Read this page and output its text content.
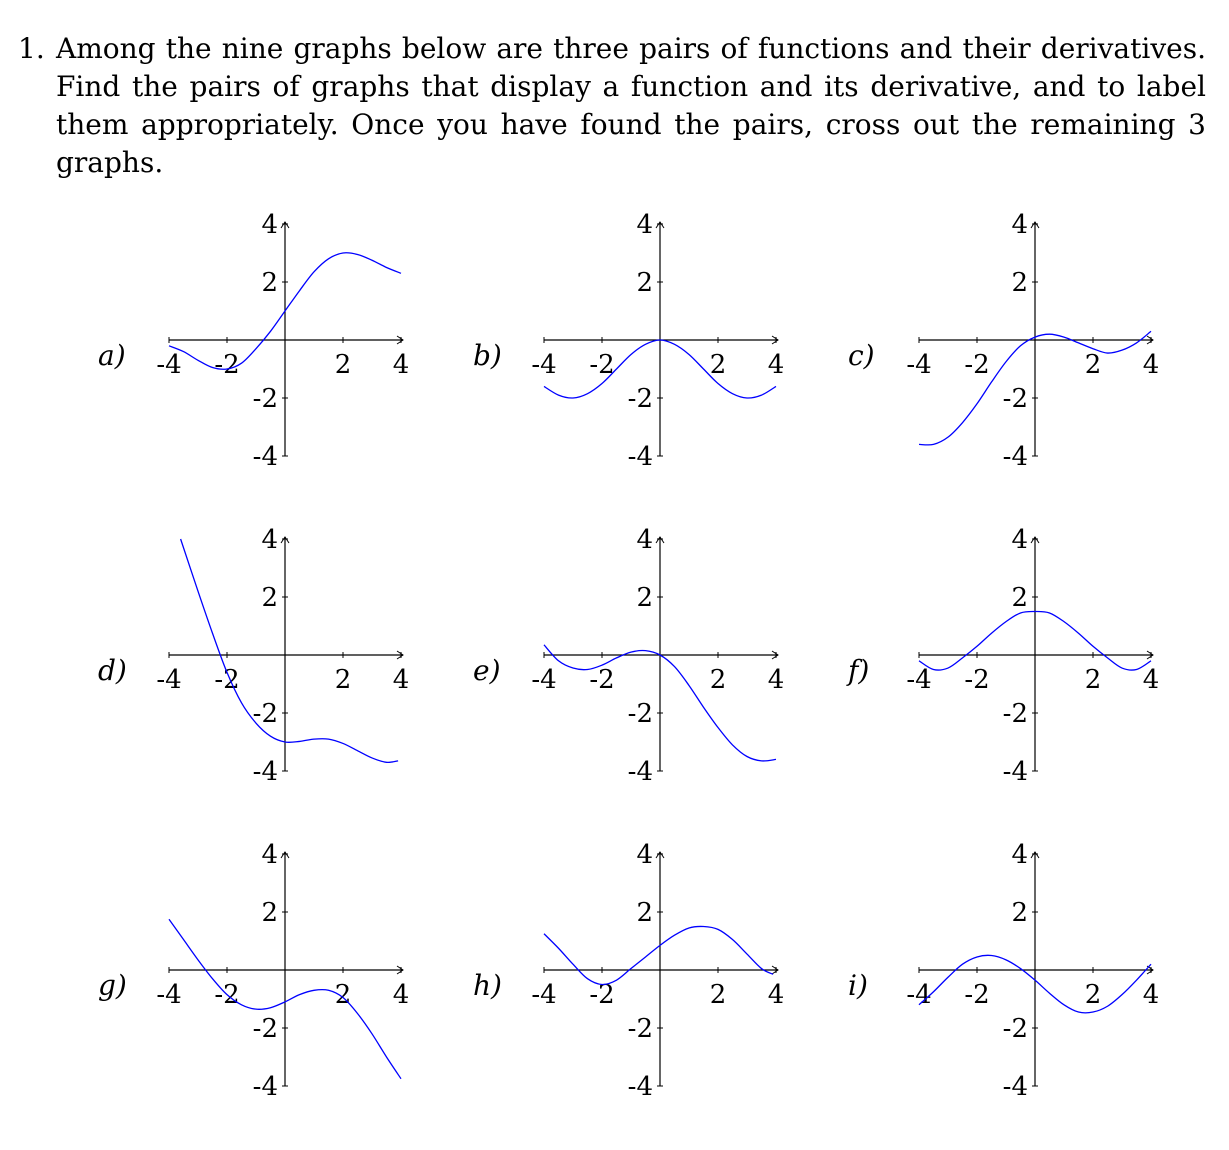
1. Among the nine graphs below are three pairs of functions and their derivatives. Find the pairs of graphs that display a function and its derivative, and to label them appropriately. Once you have found the pairs, cross out the remaining 3 graphs.
a) -4 -2	2 4
4
2
-2
-4
b) -4 -2	2 4
4
2
-2
-4
c) -4 -2	2 4
4
2
-2
-4
d) -4 -2	2 4
4
2
-2
-4
e) -4 -2	2 4
4
2
-2
-4
f) -4 -2	2 4
4
2
-2
-4
g) -4 -2	2 4
4
2
-2
-4
h) -4 -2	2 4
4
2
-2
-4
i) -4 -2	2 4
4
2
-2
-4
